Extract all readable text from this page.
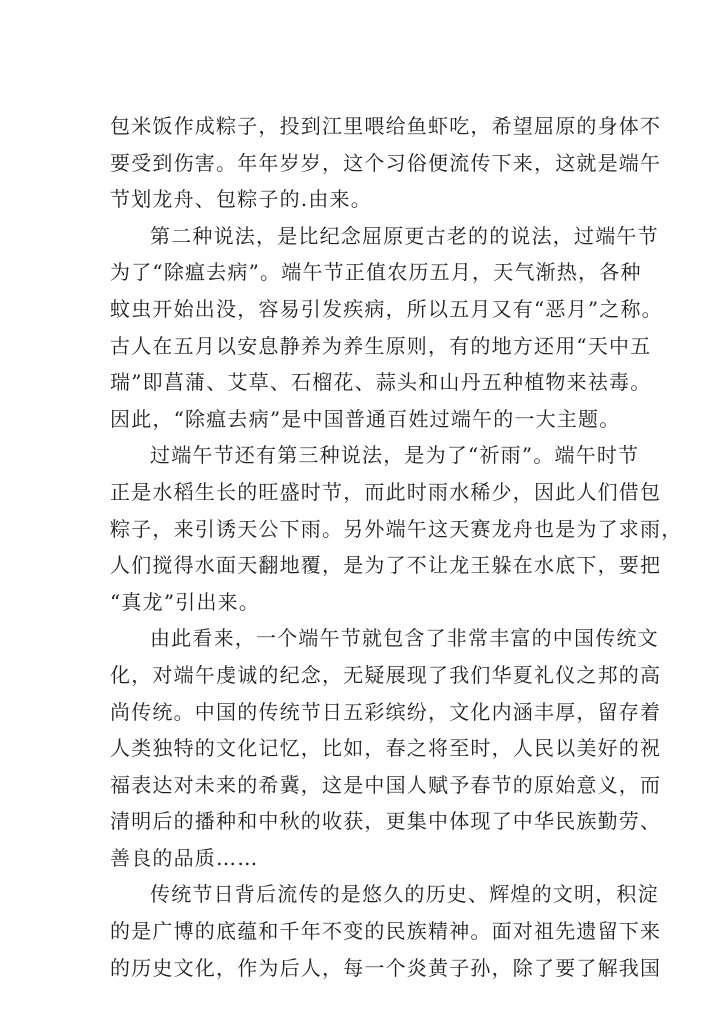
包米饭作成粽子，投到江里喂给鱼虾吃，希望屈原的身体不
要受到伤害。年年岁岁，这个习俗便流传下来，这就是端午
节划龙舟、包粽子的.由来。
第二种说法，是比纪念屈原更古老的的说法，过端午节
为了“除瘟去病”。端午节正值农历五月，天气渐热，各种
蚊虫开始出没，容易引发疾病，所以五月又有“恶月”之称。
古人在五月以安息静养为养生原则，有的地方还用“天中五
瑞”即菖蒲、艾草、石榴花、蒜头和山丹五种植物来祛毒。
因此，“除瘟去病”是中国普通百姓过端午的一大主题。
过端午节还有第三种说法，是为了“祈雨”。端午时节
正是水稻生长的旺盛时节，而此时雨水稀少，因此人们借包
粽子，来引诱天公下雨。另外端午这天赛龙舟也是为了求雨，
人们搅得水面天翻地覆，是为了不让龙王躲在水底下，要把
“真龙”引出来。
由此看来，一个端午节就包含了非常丰富的中国传统文
化，对端午虔诚的纪念，无疑展现了我们华夏礼仪之邦的高
尚传统。中国的传统节日五彩缤纷，文化内涵丰厚，留存着
人类独特的文化记忆，比如，春之将至时，人民以美好的祝
福表达对未来的希冀，这是中国人赋予春节的原始意义，而
清明后的播种和中秋的收获，更集中体现了中华民族勤劳、
善良的品质……
传统节日背后流传的是悠久的历史、辉煌的文明，积淀
的是广博的底蕴和千年不变的民族精神。面对祖先遗留下来
的历史文化，作为后人，每一个炎黄子孙，除了要了解我国
